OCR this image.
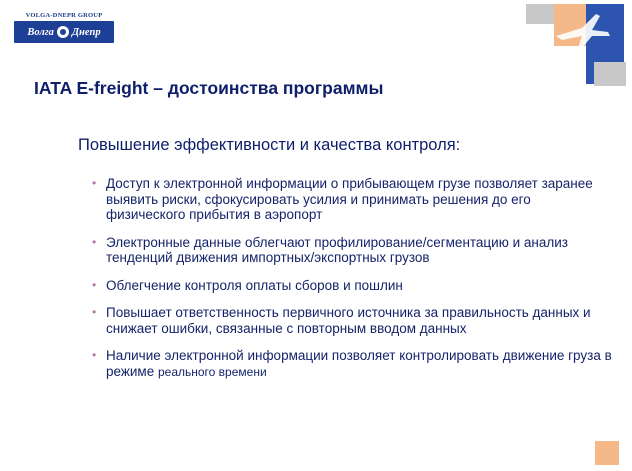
VOLGA-DNEPR GROUP
Волга Днепр
IATA E-freight – достоинства программы
Повышение эффективности и качества контроля:
• Доступ к электронной информации о прибывающем грузе позволяет заранее выявить риски, сфокусировать усилия и принимать решения до его физического прибытия в аэропорт
• Электронные данные облегчают профилирование/сегментацию и анализ тенденций движения импортных/экспортных грузов
• Облегчение контроля оплаты сборов и пошлин
• Повышает ответственность первичного источника за правильность данных и снижает ошибки, связанные с повторным вводом данных
• Наличие электронной информации позволяет контролировать движение груза в режиме реального времени
